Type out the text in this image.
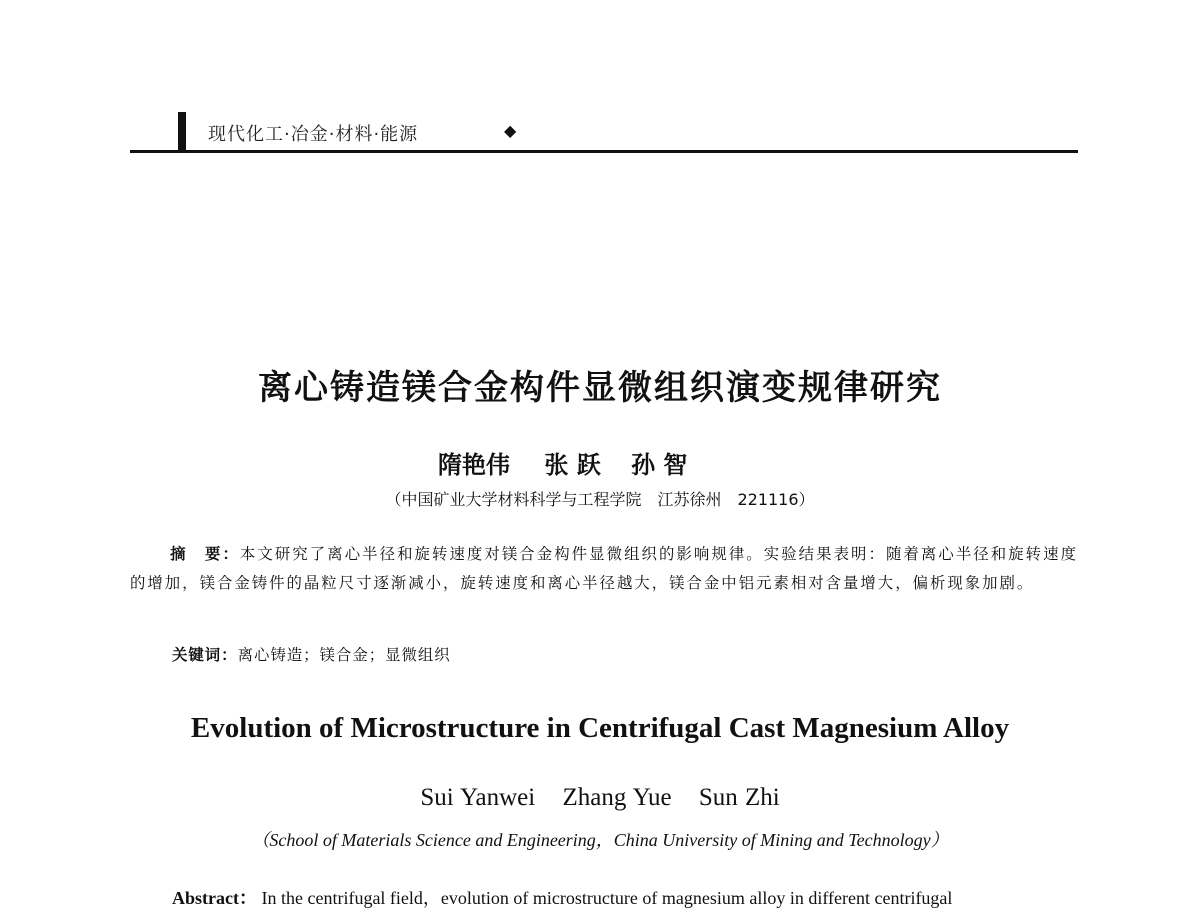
现代化工·冶金·材料·能源	◆
离心铸造镁合金构件显微组织演变规律研究
隋艳伟 张 跃 孙 智
（中国矿业大学材料科学与工程学院　江苏徐州　221116）
摘　要：本文研究了离心半径和旋转速度对镁合金构件显微组织的影响规律。实验结果表明：随着离心半径和旋转速度的增加，镁合金铸件的晶粒尺寸逐渐减小，旋转速度和离心半径越大，镁合金中铝元素相对含量增大，偏析现象加剧。
关键词：离心铸造；镁合金；显微组织
Evolution of Microstructure in Centrifugal Cast Magnesium Alloy
Sui Yanwei Zhang Yue Sun Zhi
（School of Materials Science and Engineering，China University of Mining and Technology）
Abstract： In the centrifugal field，evolution of microstructure of magnesium alloy in different centrifugal
